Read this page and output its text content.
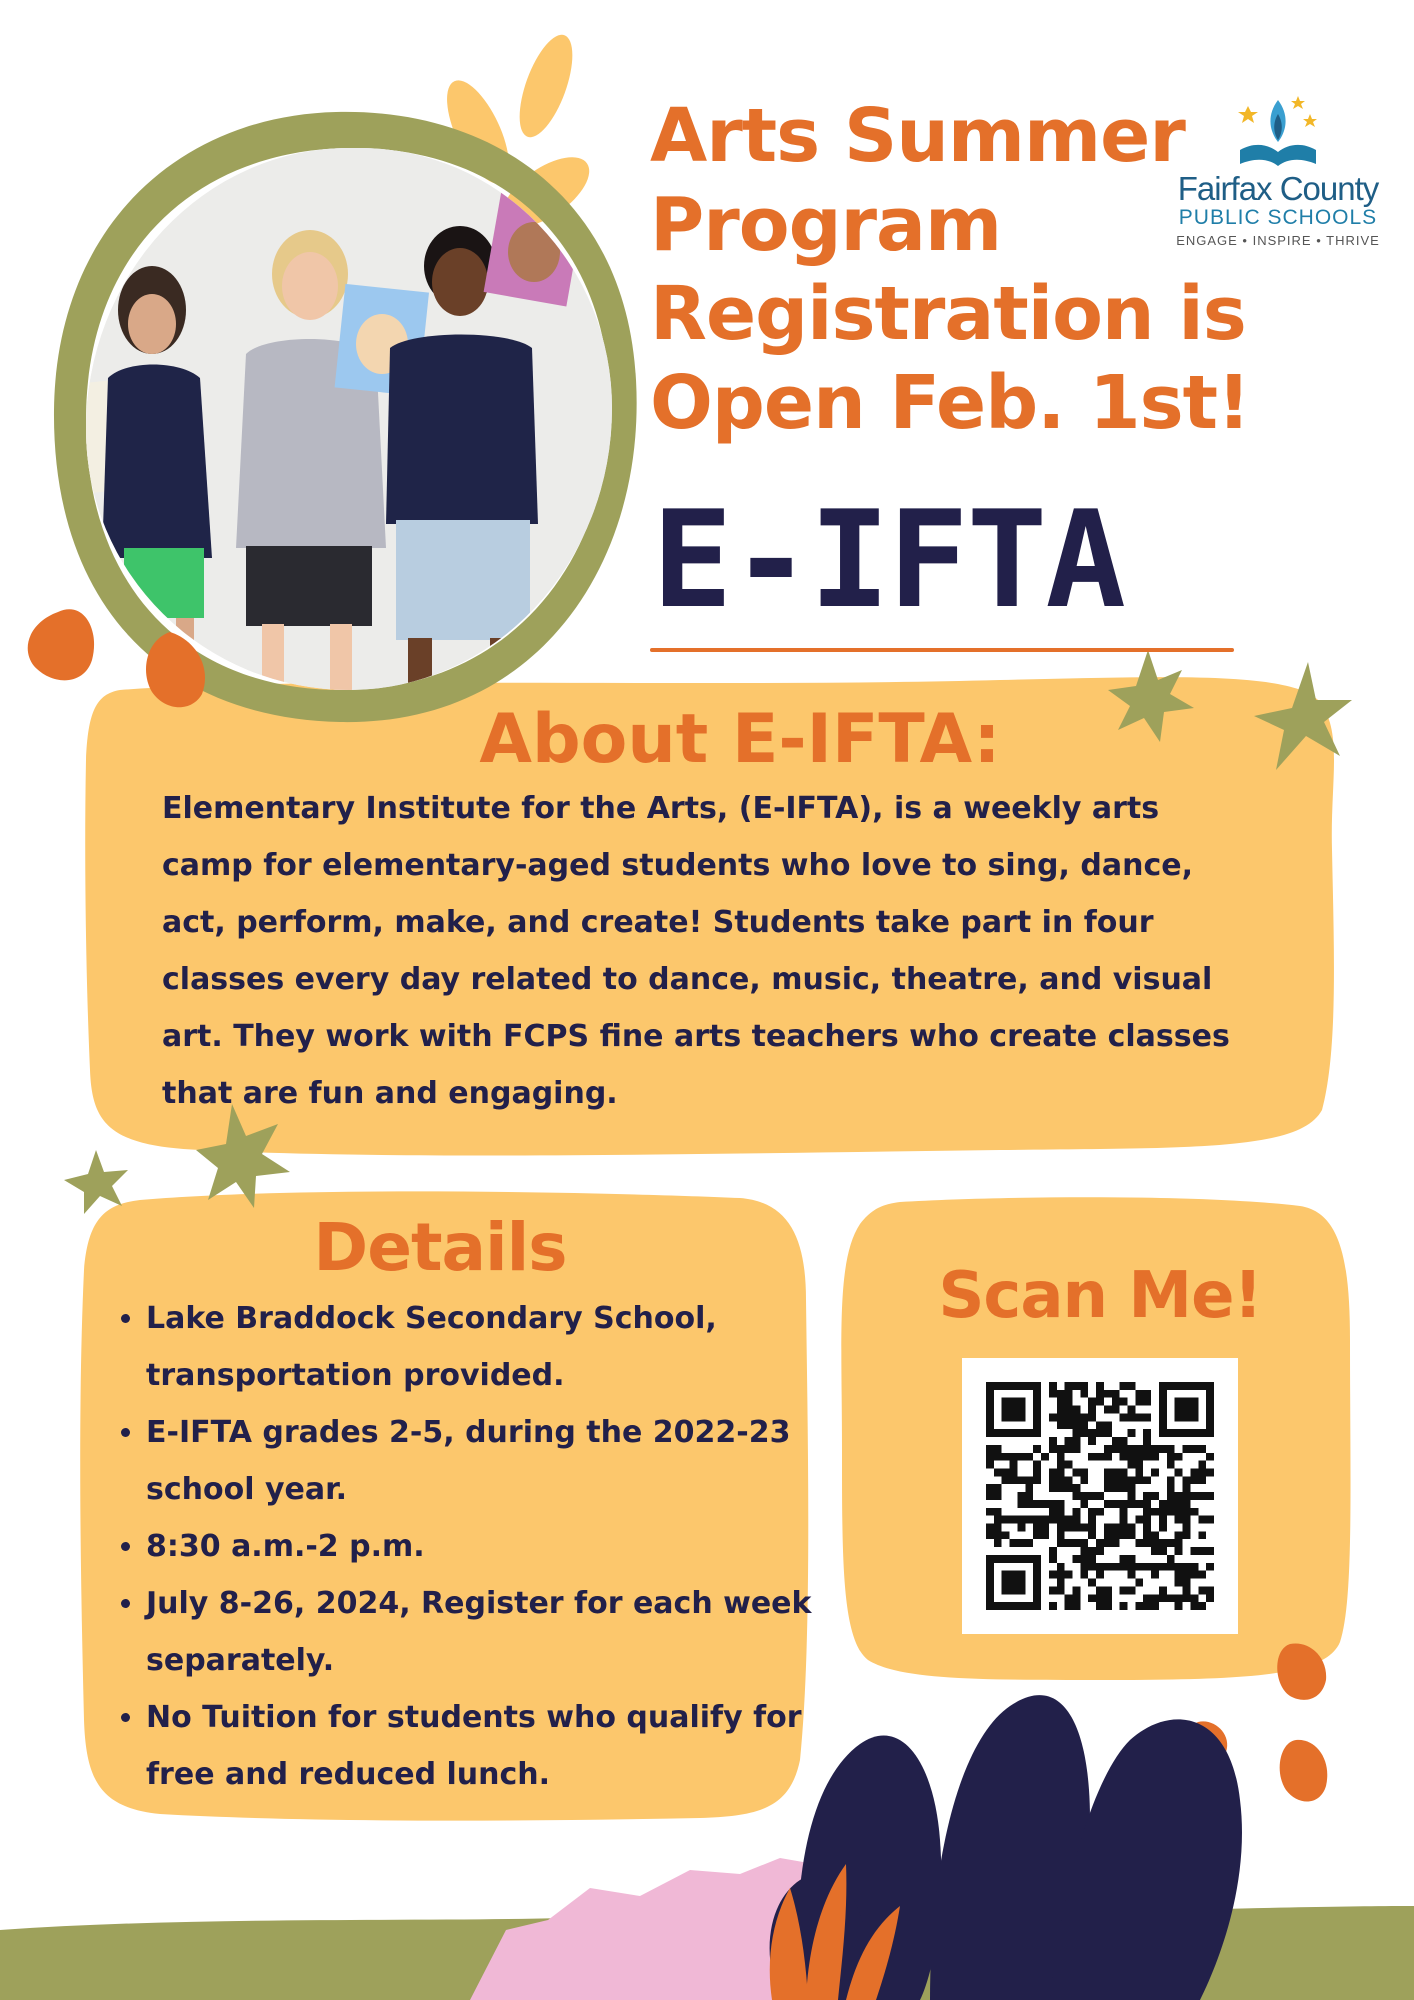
Arts Summer
Program
Registration is
Open Feb. 1st!
Fairfax County
PUBLIC SCHOOLS
ENGAGE • INSPIRE • THRIVE
E-IFTA
About E-IFTA:

Elementary Institute for the Arts, (E-IFTA), is a weekly arts camp for elementary-aged students who love to sing, dance, act, perform, make, and create! Students take part in four classes every day related to dance, music, theatre, and visual art. They work with FCPS fine arts teachers who create classes that are fun and engaging.

Details
• Lake Braddock Secondary School, transportation provided.
• E-IFTA grades 2-5, during the 2022-23 school year.
• 8:30 a.m.-2 p.m.
• July 8-26, 2024, Register for each week separately.
• No Tuition for students who qualify for free and reduced lunch.
Scan Me!
